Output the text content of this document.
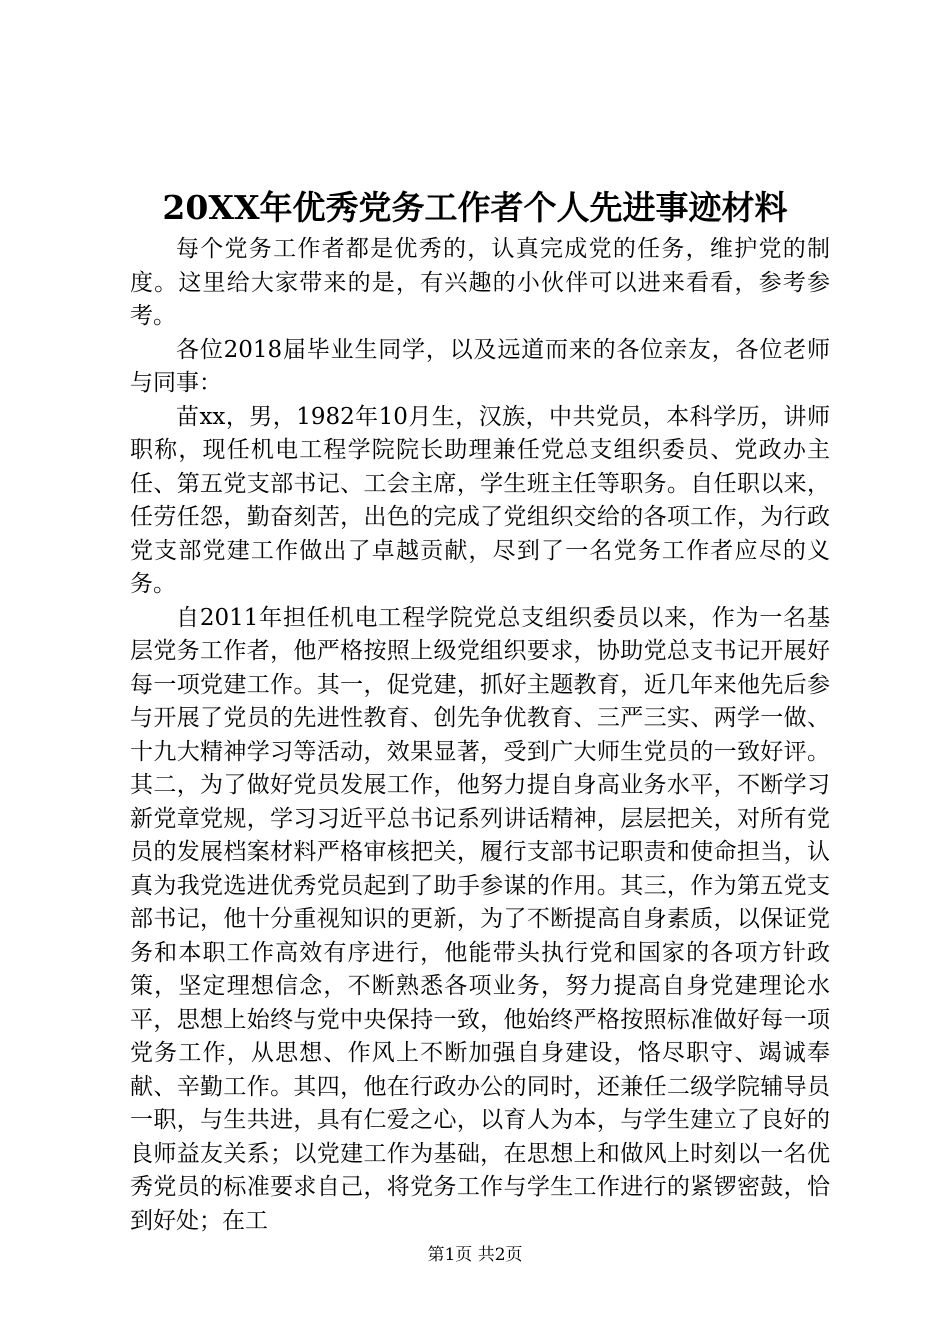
20XX年优秀党务工作者个人先进事迹材料

每个党务工作者都是优秀的，认真完成党的任务，维护党的制度。这里给大家带来的是，有兴趣的小伙伴可以进来看看，参考参考。

各位2018届毕业生同学，以及远道而来的各位亲友，各位老师与同事：

苗xx，男，1982年10月生，汉族，中共党员，本科学历，讲师职称，现任机电工程学院院长助理兼任党总支组织委员、党政办主任、第五党支部书记、工会主席，学生班主任等职务。自任职以来，任劳任怨，勤奋刻苦，出色的完成了党组织交给的各项工作，为行政党支部党建工作做出了卓越贡献，尽到了一名党务工作者应尽的义务。

自2011年担任机电工程学院党总支组织委员以来，作为一名基层党务工作者，他严格按照上级党组织要求，协助党总支书记开展好每一项党建工作。其一，促党建，抓好主题教育，近几年来他先后参与开展了党员的先进性教育、创先争优教育、三严三实、两学一做、十九大精神学习等活动，效果显著，受到广大师生党员的一致好评。其二，为了做好党员发展工作，他努力提自身高业务水平，不断学习新党章党规，学习习近平总书记系列讲话精神，层层把关，对所有党员的发展档案材料严格审核把关，履行支部书记职责和使命担当，认真为我党选进优秀党员起到了助手参谋的作用。其三，作为第五党支部书记，他十分重视知识的更新，为了不断提高自身素质，以保证党务和本职工作高效有序进行，他能带头执行党和国家的各项方针政策，坚定理想信念，不断熟悉各项业务，努力提高自身党建理论水平，思想上始终与党中央保持一致，他始终严格按照标准做好每一项党务工作，从思想、作风上不断加强自身建设，恪尽职守、竭诚奉献、辛勤工作。其四，他在行政办公的同时，还兼任二级学院辅导员一职，与生共进，具有仁爱之心，以育人为本，与学生建立了良好的良师益友关系；以党建工作为基础，在思想上和做风上时刻以一名优秀党员的标准要求自己，将党务工作与学生工作进行的紧锣密鼓，恰到好处；在工

第1页 共2页
